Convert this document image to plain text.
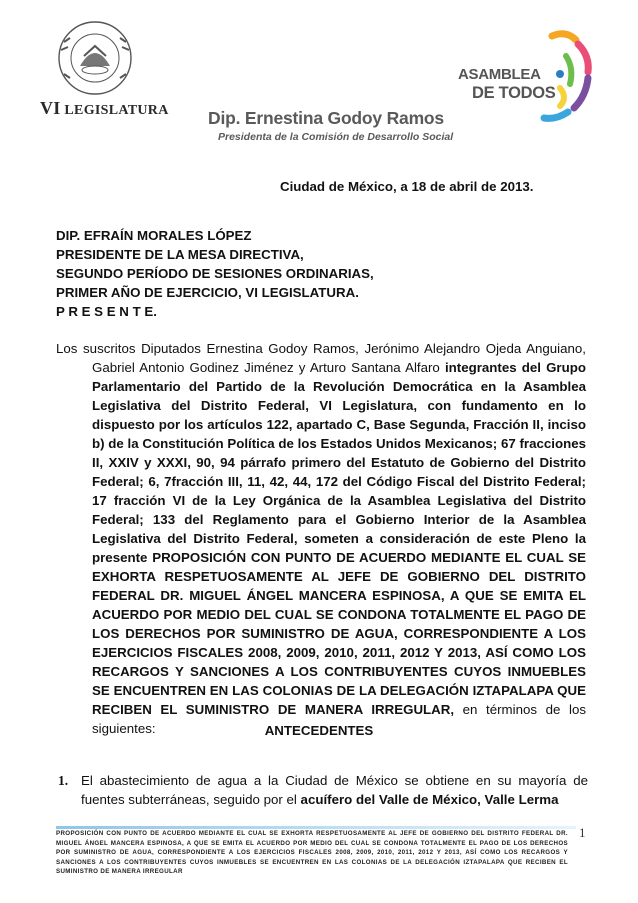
VI LEGISLATURA Dip. Ernestina Godoy Ramos
Presidenta de la Comisión de Desarrollo Social
ASAMBLEA
DE TODOS
Ciudad de México, a 18 de abril de 2013.
DIP. EFRAÍN MORALES LÓPEZ
PRESIDENTE DE LA MESA DIRECTIVA,
SEGUNDO PERÍODO DE SESIONES ORDINARIAS,
PRIMER AÑO DE EJERCICIO, VI LEGISLATURA.
P R E S E N T E.

Los suscritos Diputados Ernestina Godoy Ramos, Jerónimo Alejandro Ojeda Anguiano, Gabriel Antonio Godinez Jiménez y Arturo Santana Alfaro integrantes del Grupo Parlamentario del Partido de la Revolución Democrática en la Asamblea Legislativa del Distrito Federal, VI Legislatura, con fundamento en lo dispuesto por los artículos 122, apartado C, Base Segunda, Fracción II, inciso b) de la Constitución Política de los Estados Unidos Mexicanos; 67 fracciones II, XXIV y XXXI, 90, 94 párrafo primero del Estatuto de Gobierno del Distrito Federal; 6, 7fracción III, 11, 42, 44, 172 del Código Fiscal del Distrito Federal; 17 fracción VI de la Ley Orgánica de la Asamblea Legislativa del Distrito Federal; 133 del Reglamento para el Gobierno Interior de la Asamblea Legislativa del Distrito Federal, someten a consideración de este Pleno la presente PROPOSICIÓN CON PUNTO DE ACUERDO MEDIANTE EL CUAL SE EXHORTA RESPETUOSAMENTE AL JEFE DE GOBIERNO DEL DISTRITO FEDERAL DR. MIGUEL ÁNGEL MANCERA ESPINOSA, A QUE SE EMITA EL ACUERDO POR MEDIO DEL CUAL SE CONDONA TOTALMENTE EL PAGO DE LOS DERECHOS POR SUMINISTRO DE AGUA, CORRESPONDIENTE A LOS EJERCICIOS FISCALES 2008, 2009, 2010, 2011, 2012 Y 2013, ASÍ COMO LOS RECARGOS Y SANCIONES A LOS CONTRIBUYENTES CUYOS INMUEBLES SE ENCUENTREN EN LAS COLONIAS DE LA DELEGACIÓN IZTAPALAPA QUE RECIBEN EL SUMINISTRO DE MANERA IRREGULAR, en términos de los siguientes:	ANTECEDENTES
1. El abastecimiento de agua a la Ciudad de México se obtiene en su mayoría de fuentes subterráneas, seguido por el acuífero del Valle de México, Valle Lerma
PROPOSICIÓN CON PUNTO DE ACUERDO MEDIANTE EL CUAL SE EXHORTA RESPETUOSAMENTE AL JEFE DE GOBIERNO DEL DISTRITO FEDERAL DR. MIGUEL ÁNGEL MANCERA ESPINOSA, A QUE SE EMITA EL ACUERDO POR MEDIO DEL CUAL SE CONDONA TOTALMENTE EL PAGO DE LOS DERECHOS POR SUMINISTRO DE AGUA, CORRESPONDIENTE A LOS EJERCICIOS FISCALES 2008, 2009, 2010, 2011, 2012 Y 2013, ASÍ COMO LOS RECARGOS Y SANCIONES A LOS CONTRIBUYENTES CUYOS INMUEBLES SE ENCUENTREN EN LAS COLONIAS DE LA DELEGACIÓN IZTAPALAPA QUE RECIBEN EL SUMINISTRO DE MANERA IRREGULAR
1
